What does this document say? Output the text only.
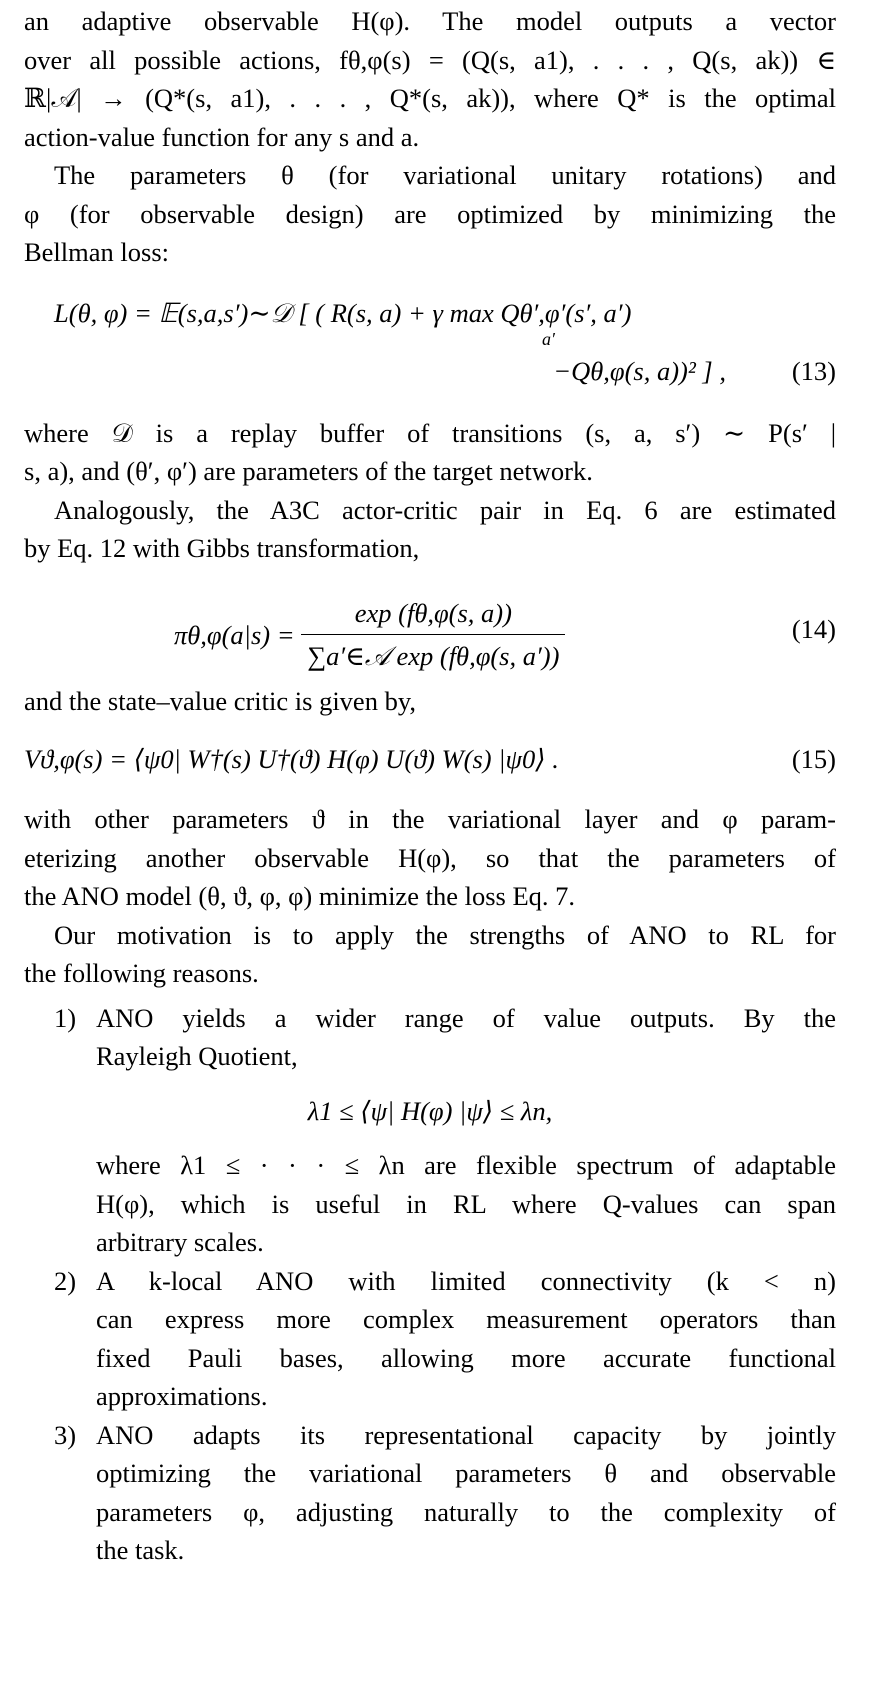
an adaptive observable H(φ). The model outputs a vector
over all possible actions, fθ,φ(s) = (Q(s, a1), . . . , Q(s, ak)) ∈
ℝ|𝒜| → (Q*(s, a1), . . . , Q*(s, ak)), where Q* is the optimal
action-value function for any s and a.

The parameters θ (for variational unitary rotations) and
φ (for observable design) are optimized by minimizing the
Bellman loss:

L(θ, φ) = 𝔼(s,a,s′)∼𝒟 [ ( R(s, a) + γ max Qθ′,φ′(s′, a′)
a′
−Qθ,φ(s, a))² ] , (13)

where 𝒟 is a replay buffer of transitions (s, a, s′) ∼ P(s′ |
s, a), and (θ′, φ′) are parameters of the target network.

Analogously, the A3C actor-critic pair in Eq. 6 are estimated
by Eq. 12 with Gibbs transformation,

$\pi\theta,\varphi(a|s) = \frac{\exp (f\theta,\varphi(s, a))}{\text{∑a′∈𝒜 exp (fθ,φ(s, a′))}}$	(14)

and the state–value critic is given by,

Vϑ,φ(s) = ⟨ψ0| W†(s) U†(ϑ) H(φ) U(ϑ) W(s) |ψ0⟩ .	(15)

with other parameters ϑ in the variational layer and φ param-
eterizing another observable H(φ), so that the parameters of
the ANO model (θ, ϑ, φ, φ) minimize the loss Eq. 7.

Our motivation is to apply the strengths of ANO to RL for
the following reasons.

1) ANO yields a wider range of value outputs. By the
Rayleigh Quotient,
λ1 ≤ ⟨ψ| H(φ) |ψ⟩ ≤ λn,
where λ1 ≤ · · · ≤ λn are flexible spectrum of adaptable
H(φ), which is useful in RL where Q-values can span
arbitrary scales.
2) A k-local ANO with limited connectivity (k < n)
can express more complex measurement operators than
fixed Pauli bases, allowing more accurate functional
approximations.
3) ANO adapts its representational capacity by jointly
optimizing the variational parameters θ and observable
parameters φ, adjusting naturally to the complexity of
the task.
